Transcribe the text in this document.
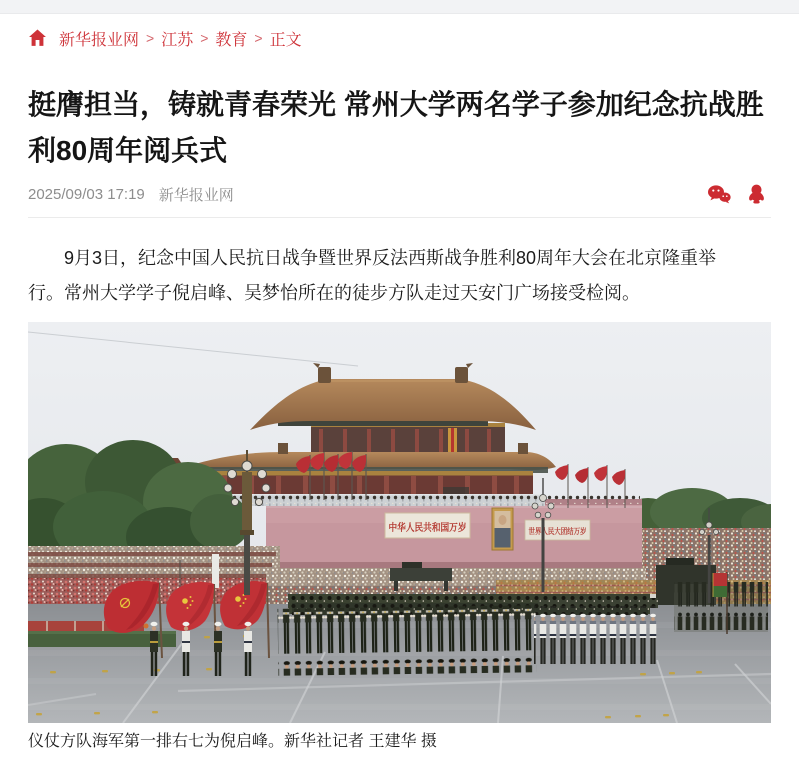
新华报业网 > 江苏 > 教育 > 正文
挺膺担当，铸就青春荣光 常州大学两名学子参加纪念抗战胜利80周年阅兵式
2025/09/03 17:19 新华报业网

9月3日，纪念中国人民抗日战争暨世界反法西斯战争胜利80周年大会在北京隆重举行。常州大学学子倪启峰、吴梦怡所在的徒步方队走过天安门广场接受检阅。

中华人民共和国万岁	世界人民大团结万岁
仪仗方队海军第一排右七为倪启峰。新华社记者 王建华 摄
